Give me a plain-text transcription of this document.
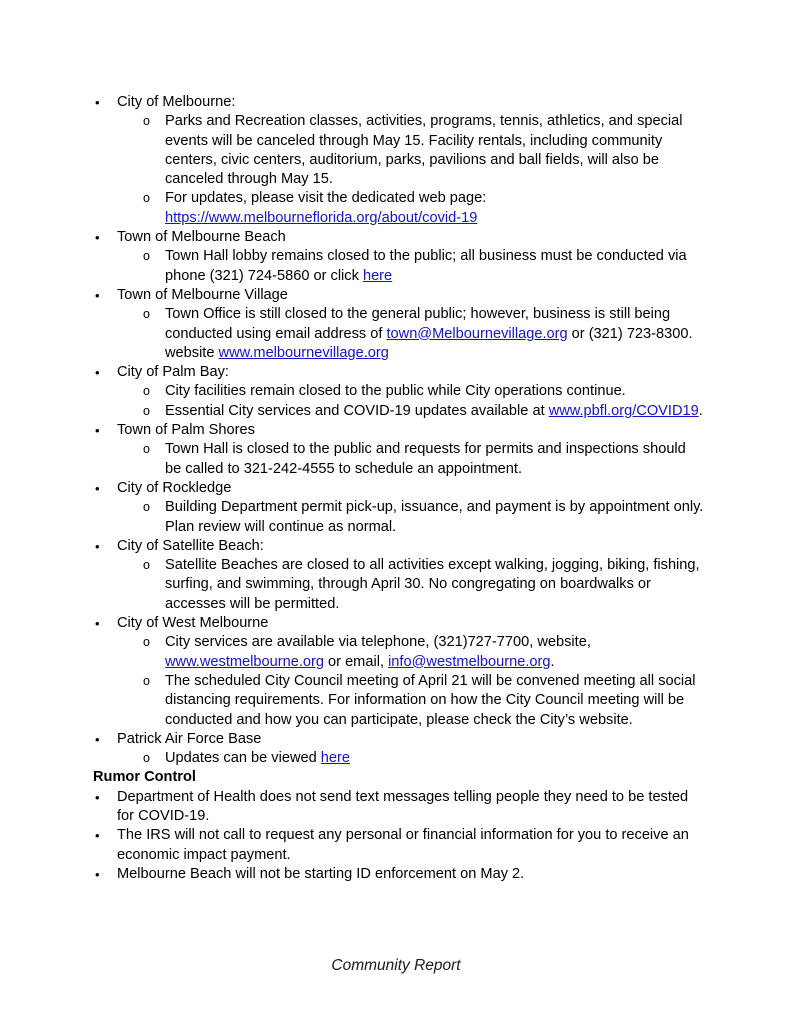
• City of Melbourne:
o Parks and Recreation classes, activities, programs, tennis, athletics, and special events will be canceled through May 15. Facility rentals, including community centers, civic centers, auditorium, parks, pavilions and ball fields, will also be canceled through May 15.
o For updates, please visit the dedicated web page: https://www.melbourneflorida.org/about/covid-19
• Town of Melbourne Beach
o Town Hall lobby remains closed to the public; all business must be conducted via phone (321) 724-5860 or click here
• Town of Melbourne Village
o Town Office is still closed to the general public; however, business is still being conducted using email address of town@Melbournevillage.org or (321) 723-8300. website www.melbournevillage.org
• City of Palm Bay:
o City facilities remain closed to the public while City operations continue.
o Essential City services and COVID-19 updates available at www.pbfl.org/COVID19.
• Town of Palm Shores
o Town Hall is closed to the public and requests for permits and inspections should be called to 321-242-4555 to schedule an appointment.
• City of Rockledge
o Building Department permit pick-up, issuance, and payment is by appointment only. Plan review will continue as normal.
• City of Satellite Beach:
o Satellite Beaches are closed to all activities except walking, jogging, biking, fishing, surfing, and swimming, through April 30. No congregating on boardwalks or accesses will be permitted.
• City of West Melbourne
o City services are available via telephone, (321)727-7700, website, www.westmelbourne.org or email, info@westmelbourne.org.
o The scheduled City Council meeting of April 21 will be convened meeting all social distancing requirements. For information on how the City Council meeting will be conducted and how you can participate, please check the City’s website.
• Patrick Air Force Base
o Updates can be viewed here
Rumor Control
• Department of Health does not send text messages telling people they need to be tested for COVID-19.
• The IRS will not call to request any personal or financial information for you to receive an economic impact payment.
• Melbourne Beach will not be starting ID enforcement on May 2.
Community Report
